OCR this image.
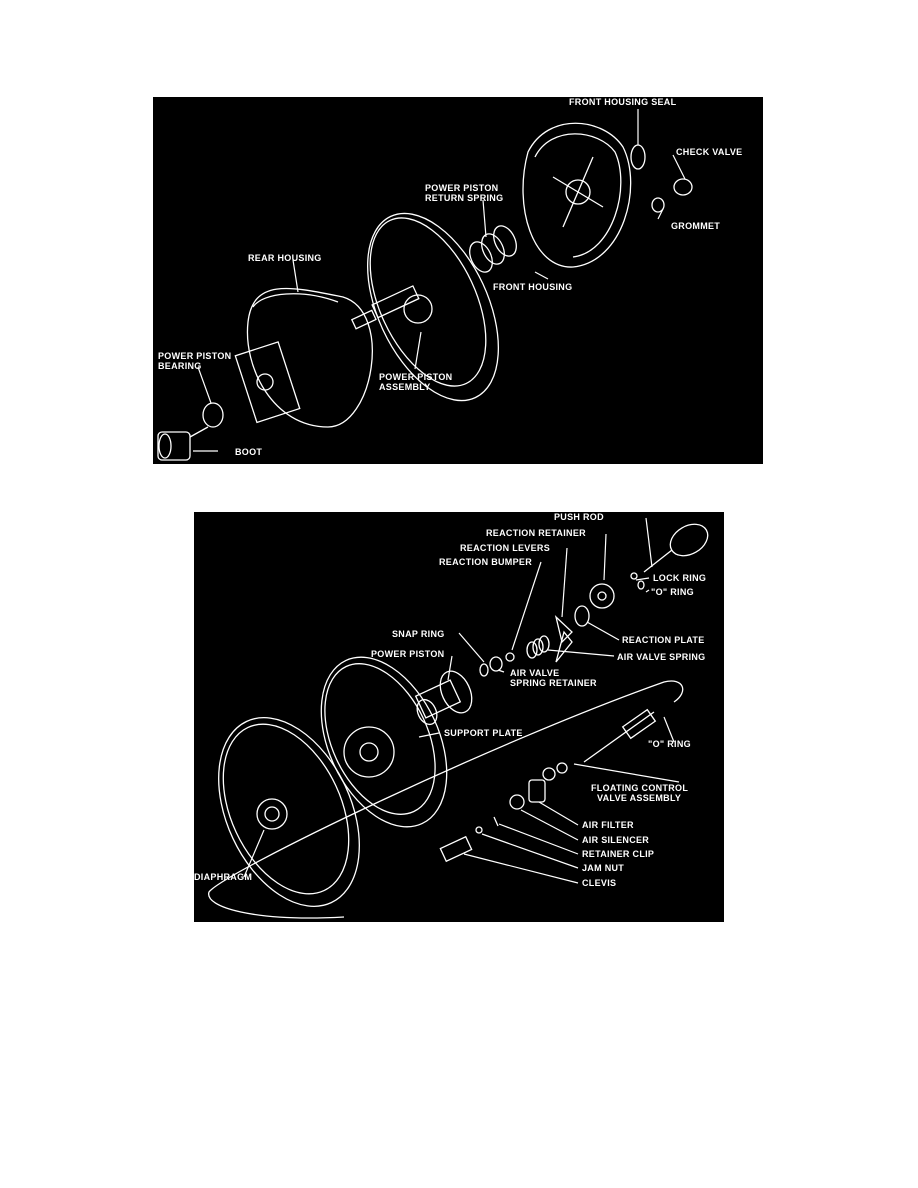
FRONT HOUSING SEAL
CHECK VALVE
POWER PISTON
RETURN SPRING
GROMMET
REAR HOUSING
FRONT HOUSING
POWER PISTON
BEARING
POWER PISTON
ASSEMBLY
BOOT
PUSH ROD
REACTION RETAINER
REACTION LEVERS
REACTION BUMPER
LOCK RING
"O" RING
SNAP RING
REACTION PLATE
POWER PISTON	AIR VALVE SPRING
AIR VALVE
SPRING RETAINER
SUPPORT PLATE
"O" RING
FLOATING CONTROL
VALVE ASSEMBLY
AIR FILTER
AIR SILENCER
RETAINER CLIP
JAM NUT
CLEVIS
DIAPHRAGM
